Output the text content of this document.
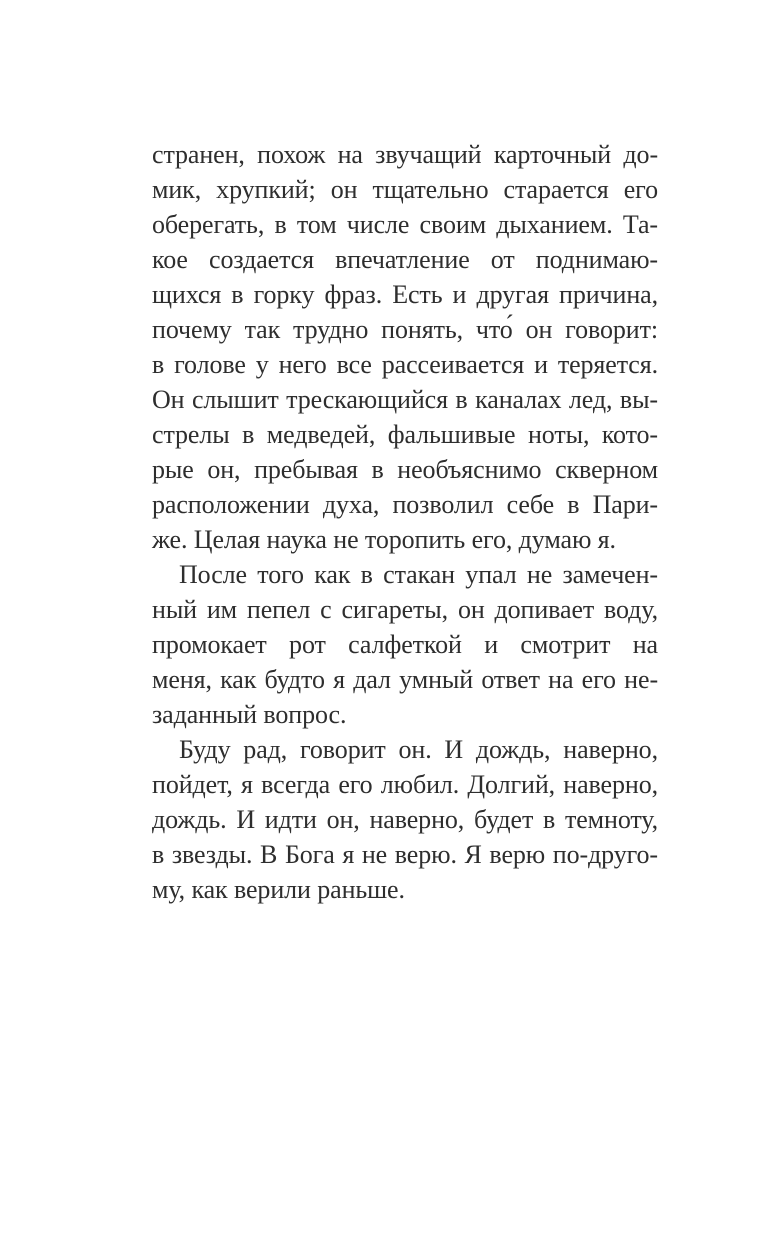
странен, похож на звучащий карточный до-
мик, хрупкий; он тщательно старается его
оберегать, в том числе своим дыханием. Та-
кое создается впечатление от поднимаю-
щихся в горку фраз. Есть и другая причина,
почему так трудно понять, что́ он говорит:
в голове у него все рассеивается и теряется.
Он слышит трескающийся в каналах лед, вы-
стрелы в медведей, фальшивые ноты, кото-
рые он, пребывая в необъяснимо скверном
расположении духа, позволил себе в Пари-
же. Целая наука не торопить его, думаю я.

После того как в стакан упал не замечен-
ный им пепел с сигареты, он допивает воду,
промокает рот салфеткой и смотрит на
меня, как будто я дал умный ответ на его не-
заданный вопрос.

Буду рад, говорит он. И дождь, наверно,
пойдет, я всегда его любил. Долгий, наверно,
дождь. И идти он, наверно, будет в темноту,
в звезды. В Бога я не верю. Я верю по-друго-
му, как верили раньше.
